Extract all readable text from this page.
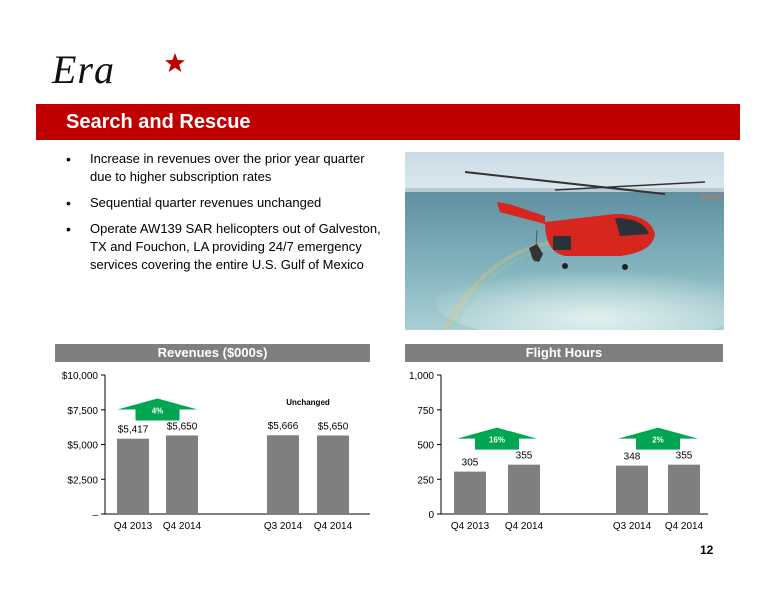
Era
Search and Rescue
• Increase in revenues over the prior year quarter due to higher subscription rates
• Sequential quarter revenues unchanged
• Operate AW139 SAR helicopters out of Galveston, TX and Fouchon, LA providing 24/7 emergency services covering the entire U.S. Gulf of Mexico
Revenues ($000s)	Flight Hours
–
$2,500
$5,000
$7,500
$10,000
$5,417
Q4 2013
$5,650
Q4 2014
$5,666
Q3 2014
$5,650
Q4 2014
4%
Unchanged
0
250
500
750
1,000
305
Q4 2013
355
Q4 2014
348
Q3 2014
355
Q4 2014
16%	2%
12
